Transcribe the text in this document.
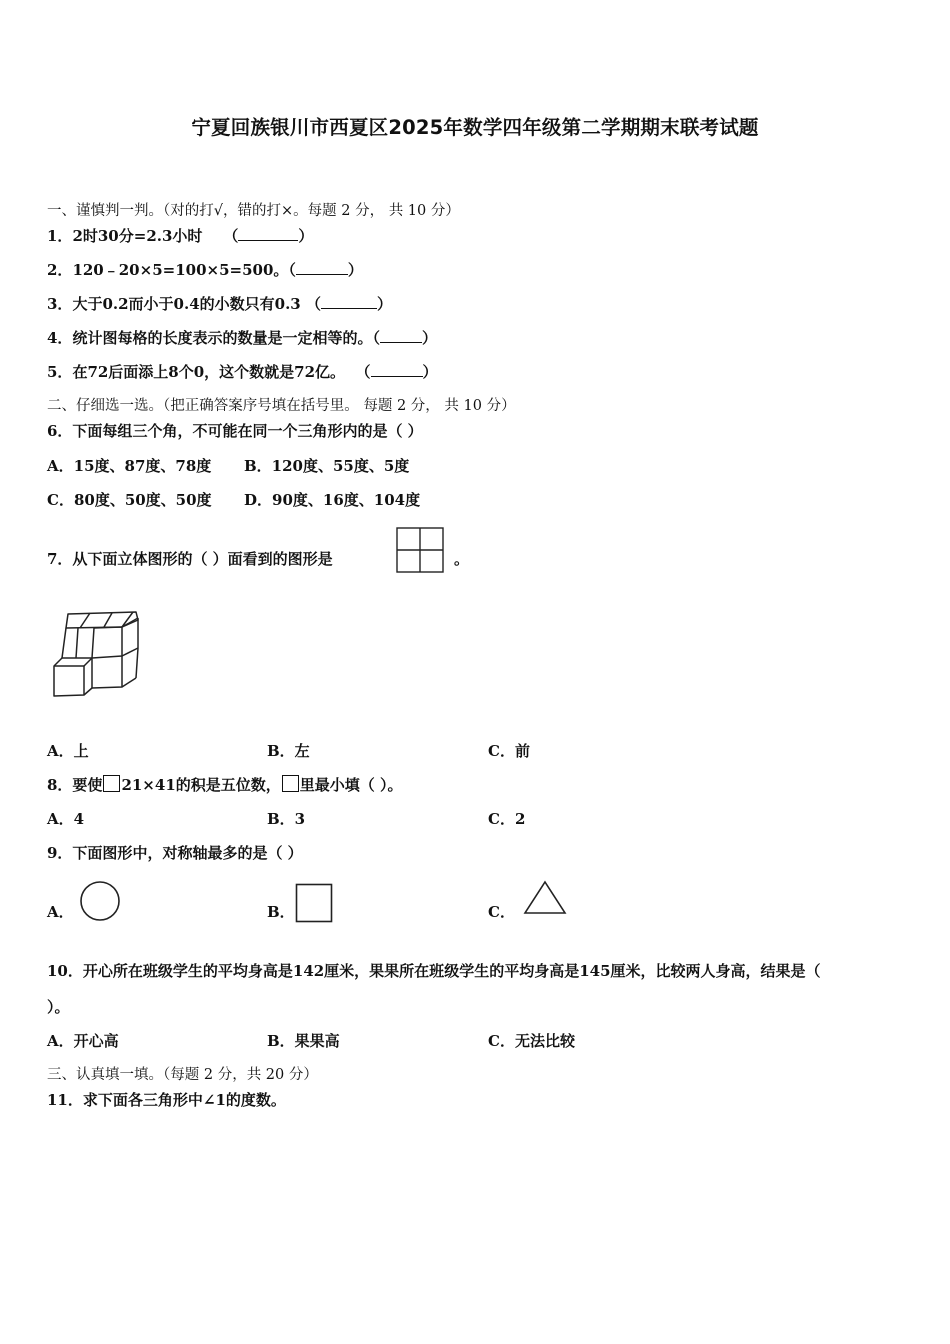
宁夏回族银川市西夏区2025年数学四年级第二学期期末联考试题
一、谨慎判一判。（对的打√，错的打×。每题 2 分， 共 10 分）
1．2时30分=2.3小时 （	）
2．120﹣20×5=100×5=500。（	）
3．大于0.2而小于0.4的小数只有0.3 （	）
4．统计图每格的长度表示的数量是一定相等的。（	）
5．在72后面添上8个0，这个数就是72亿。 （	）
二、仔细选一选。（把正确答案序号填在括号里。 每题 2 分， 共 10 分）
6．下面每组三个角，不可能在同一个三角形内的是（ ）
A．15度、87度、78度 B．120度、55度、5度
C．80度、50度、50度 D．90度、16度、104度
7．从下面立体图形的（ ）面看到的图形是	。
A．上	B．左	C．前
8．要使 21×41的积是五位数， 里最小填（ ）。
A．4	B．3	C．2
9．下面图形中，对称轴最多的是（ ）
A．	B．	C．
10．开心所在班级学生的平均身高是142厘米，果果所在班级学生的平均身高是145厘米，比较两人身高，结果是（
）。
A．开心高	B．果果高	C．无法比较
三、认真填一填。（每题 2 分，共 20 分）
11．求下面各三角形中∠1的度数。
